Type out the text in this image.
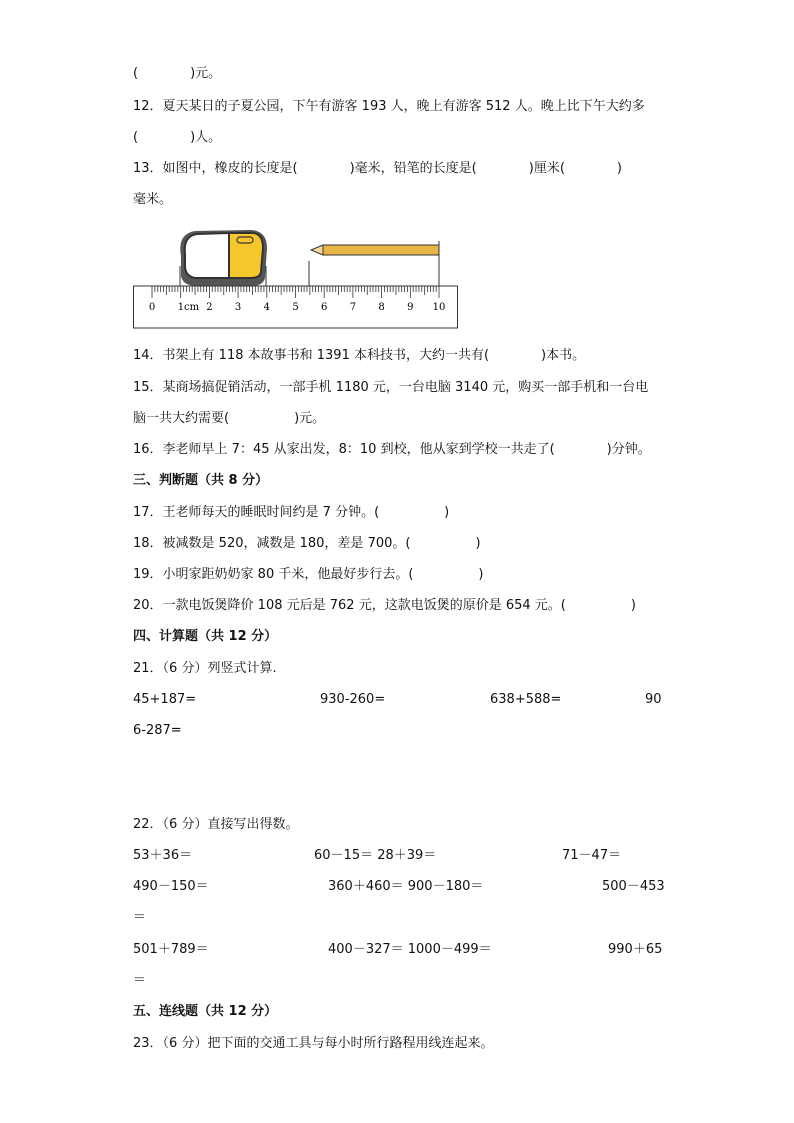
(　　　　)元。
12．夏天某日的子夏公园，下午有游客 193 人，晚上有游客 512 人。晚上比下午大约多
(　　　　)人。
13．如图中，橡皮的长度是(　　　　)毫米，铅笔的长度是(　　　　)厘米(　　　　)
毫米。
0 1cm 2 3 4 5 6 7 8 9 10
14．书架上有 118 本故事书和 1391 本科技书，大约一共有(　　　　)本书。
15．某商场搞促销活动，一部手机 1180 元，一台电脑 3140 元，购买一部手机和一台电
脑一共大约需要(　　　　　)元。
16．李老师早上 7：45 从家出发，8：10 到校，他从家到学校一共走了(　　　　)分钟。
三、判断题（共 8 分）
17．王老师每天的睡眠时间约是 7 分钟。(　　　　　)
18．被减数是 520，减数是 180，差是 700。(　　　　　)
19．小明家距奶奶家 80 千米，他最好步行去。(　　　　　)
20．一款电饭煲降价 108 元后是 762 元，这款电饭煲的原价是 654 元。(　　　　　)
四、计算题（共 12 分）
21．（6 分）列竖式计算.
45+187=	930-260=	638+588=	90
6-287=
22．（6 分）直接写出得数。
53＋36＝	60－15＝ 28＋39＝	71－47＝
490－150＝	360＋460＝ 900－180＝	500－453
＝
501＋789＝	400－327＝ 1000－499＝	990＋65
＝
五、连线题（共 12 分）
23．（6 分）把下面的交通工具与每小时所行路程用线连起来。
